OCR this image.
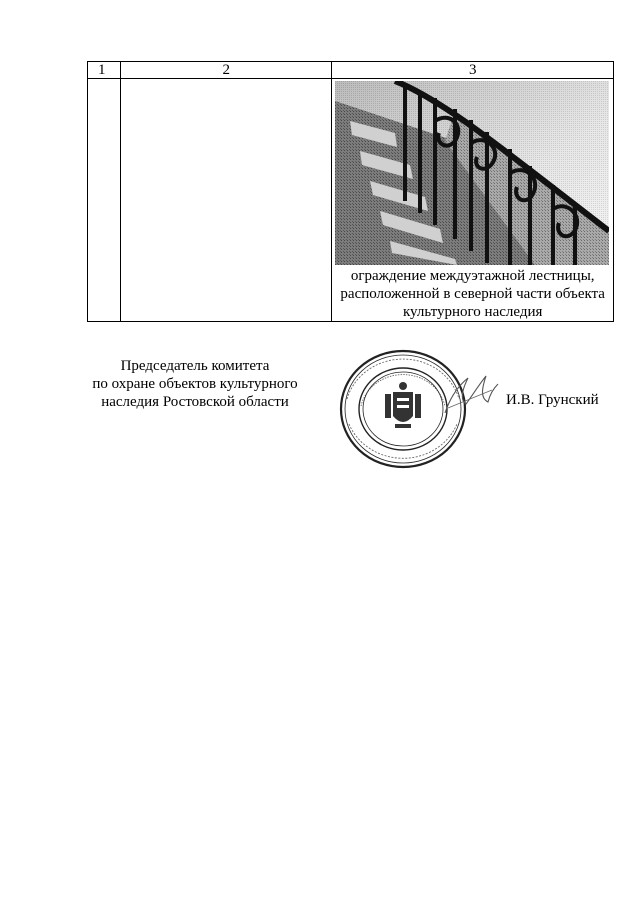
1	2	3

		ограждение междуэтажной лестницы,
расположенной в северной части объекта
культурного наследия
Председатель комитета
по охране объектов культурного
наследия Ростовской области	И.В. Грунский
